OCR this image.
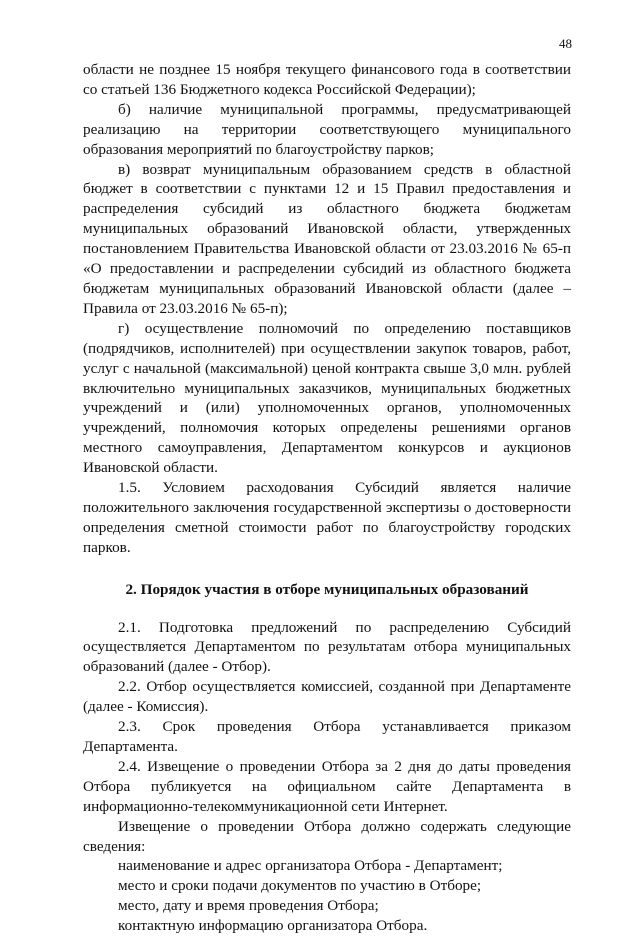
48

области не позднее 15 ноября текущего финансового года в соответствии со статьей 136 Бюджетного кодекса Российской Федерации);

б) наличие муниципальной программы, предусматривающей реализацию на территории соответствующего муниципального образования мероприятий по благоустройству парков;

в) возврат муниципальным образованием средств в областной бюджет в соответствии с пунктами 12 и 15 Правил предоставления и распределения субсидий из областного бюджета бюджетам муниципальных образований Ивановской области, утвержденных постановлением Правительства Ивановской области от 23.03.2016 № 65-п «О предоставлении и распределении субсидий из областного бюджета бюджетам муниципальных образований Ивановской области (далее – Правила от 23.03.2016 № 65-п);

г) осуществление полномочий по определению поставщиков (подрядчиков, исполнителей) при осуществлении закупок товаров, работ, услуг с начальной (максимальной) ценой контракта свыше 3,0 млн. рублей включительно муниципальных заказчиков, муниципальных бюджетных учреждений и (или) уполномоченных органов, уполномоченных учреждений, полномочия которых определены решениями органов местного самоуправления, Департаментом конкурсов и аукционов Ивановской области.

1.5. Условием расходования Субсидий является наличие положительного заключения государственной экспертизы о достоверности определения сметной стоимости работ по благоустройству городских парков.

2. Порядок участия в отборе муниципальных образований

2.1. Подготовка предложений по распределению Субсидий осуществляется Департаментом по результатам отбора муниципальных образований (далее - Отбор).

2.2. Отбор осуществляется комиссией, созданной при Департаменте (далее - Комиссия).

2.3. Срок проведения Отбора устанавливается приказом Департамента.

2.4. Извещение о проведении Отбора за 2 дня до даты проведения Отбора публикуется на официальном сайте Департамента в информационно-телекоммуникационной сети Интернет.

Извещение о проведении Отбора должно содержать следующие сведения:

наименование и адрес организатора Отбора - Департамент;

место и сроки подачи документов по участию в Отборе;

место, дату и время проведения Отбора;

контактную информацию организатора Отбора.
